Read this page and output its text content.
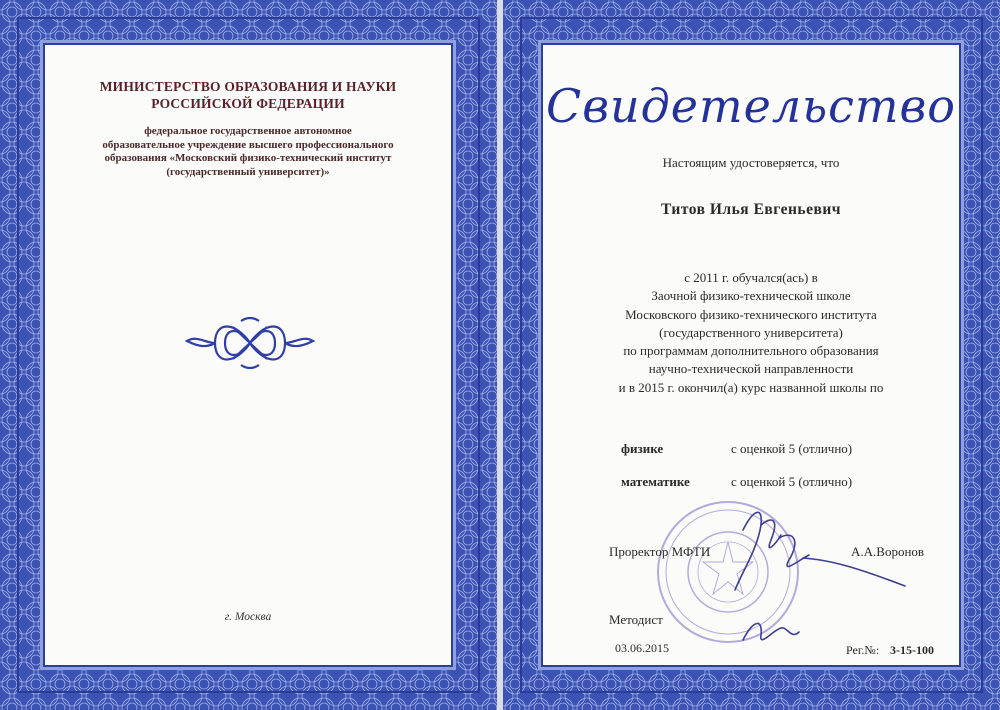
МИНИСТЕРСТВО ОБРАЗОВАНИЯ И НАУКИ
РОССИЙСКОЙ ФЕДЕРАЦИИ
федеральное государственное автономное
образовательное учреждение высшего профессионального
образования «Московский физико-технический институт
(государственный университет)»
г. Москва
Свидетельство
Настоящим удостоверяется, что
Титов Илья Евгеньевич
с 2011 г. обучался(ась) в
Заочной физико-технической школе
Московского физико-технического института
(государственного университета)
по программам дополнительного образования
научно-технической направленности
и в 2015 г. окончил(а) курс названной школы по
физике	с оценкой 5 (отлично)
математике	с оценкой 5 (отлично)
Проректор МФТИ	А.А.Воронов
Методист
03.06.2015	Рег.№: 3-15-100
